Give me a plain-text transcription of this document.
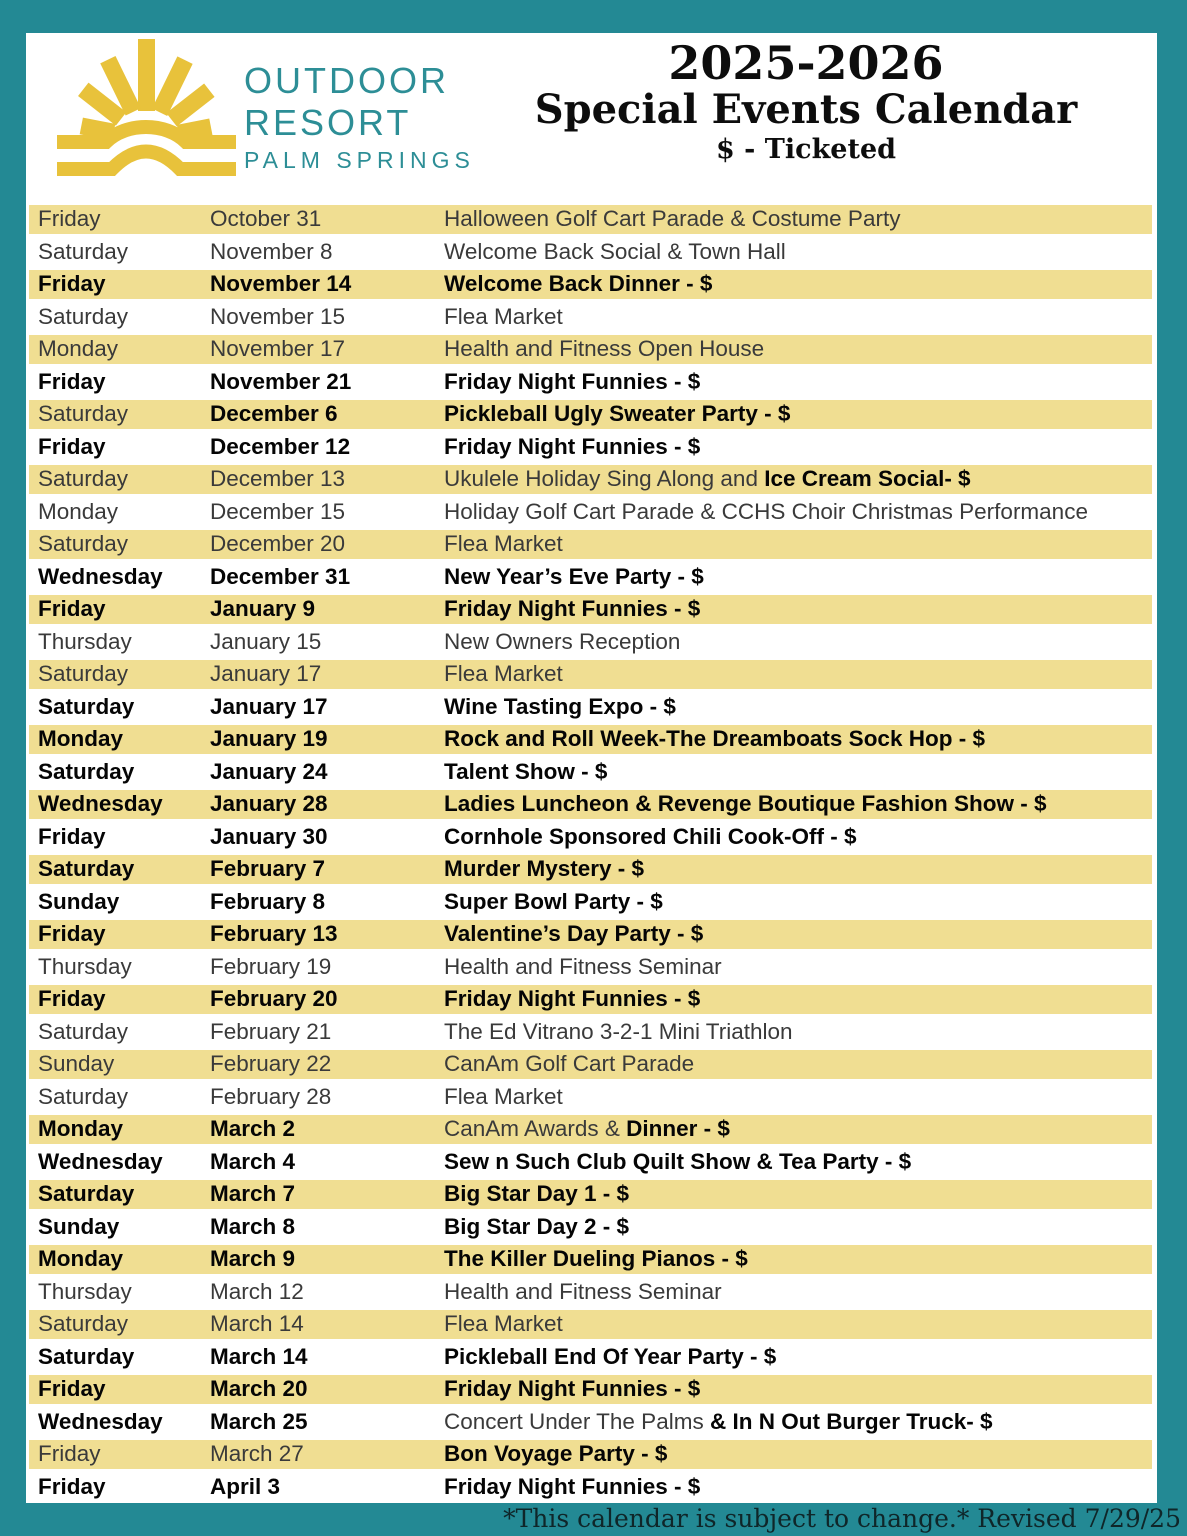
OUTDOOR
RESORT
PALM SPRINGS
2025-2026
Special Events Calendar
$ - Ticketed
Friday	October 31	Halloween Golf Cart Parade & Costume Party
Saturday	November 8	Welcome Back Social & Town Hall
Friday	November 14	Welcome Back Dinner - $
Saturday	November 15	Flea Market
Monday	November 17	Health and Fitness Open House
Friday	November 21	Friday Night Funnies - $
Saturday	December 6	Pickleball Ugly Sweater Party - $
Friday	December 12	Friday Night Funnies - $
Saturday	December 13	Ukulele Holiday Sing Along and Ice Cream Social- $
Monday	December 15	Holiday Golf Cart Parade & CCHS Choir Christmas Performance
Saturday	December 20	Flea Market
Wednesday	December 31	New Year’s Eve Party - $
Friday	January 9	Friday Night Funnies - $
Thursday	January 15	New Owners Reception
Saturday	January 17	Flea Market
Saturday	January 17	Wine Tasting Expo - $
Monday	January 19	Rock and Roll Week-The Dreamboats Sock Hop - $
Saturday	January 24	Talent Show - $
Wednesday	January 28	Ladies Luncheon & Revenge Boutique Fashion Show - $
Friday	January 30	Cornhole Sponsored Chili Cook-Off - $
Saturday	February 7	Murder Mystery - $
Sunday	February 8	Super Bowl Party - $
Friday	February 13	Valentine’s Day Party - $
Thursday	February 19	Health and Fitness Seminar
Friday	February 20	Friday Night Funnies - $
Saturday	February 21	The Ed Vitrano 3-2-1 Mini Triathlon
Sunday	February 22	CanAm Golf Cart Parade
Saturday	February 28	Flea Market
Monday	March 2	CanAm Awards & Dinner - $
Wednesday	March 4	Sew n Such Club Quilt Show & Tea Party - $
Saturday	March 7	Big Star Day 1 - $
Sunday	March 8	Big Star Day 2 - $
Monday	March 9	The Killer Dueling Pianos - $
Thursday	March 12	Health and Fitness Seminar
Saturday	March 14	Flea Market
Saturday	March 14	Pickleball End Of Year Party - $
Friday	March 20	Friday Night Funnies - $
Wednesday	March 25	Concert Under The Palms & In N Out Burger Truck- $
Friday	March 27	Bon Voyage Party - $
Friday	April 3	Friday Night Funnies - $
*This calendar is subject to change.* Revised 7/29/25
